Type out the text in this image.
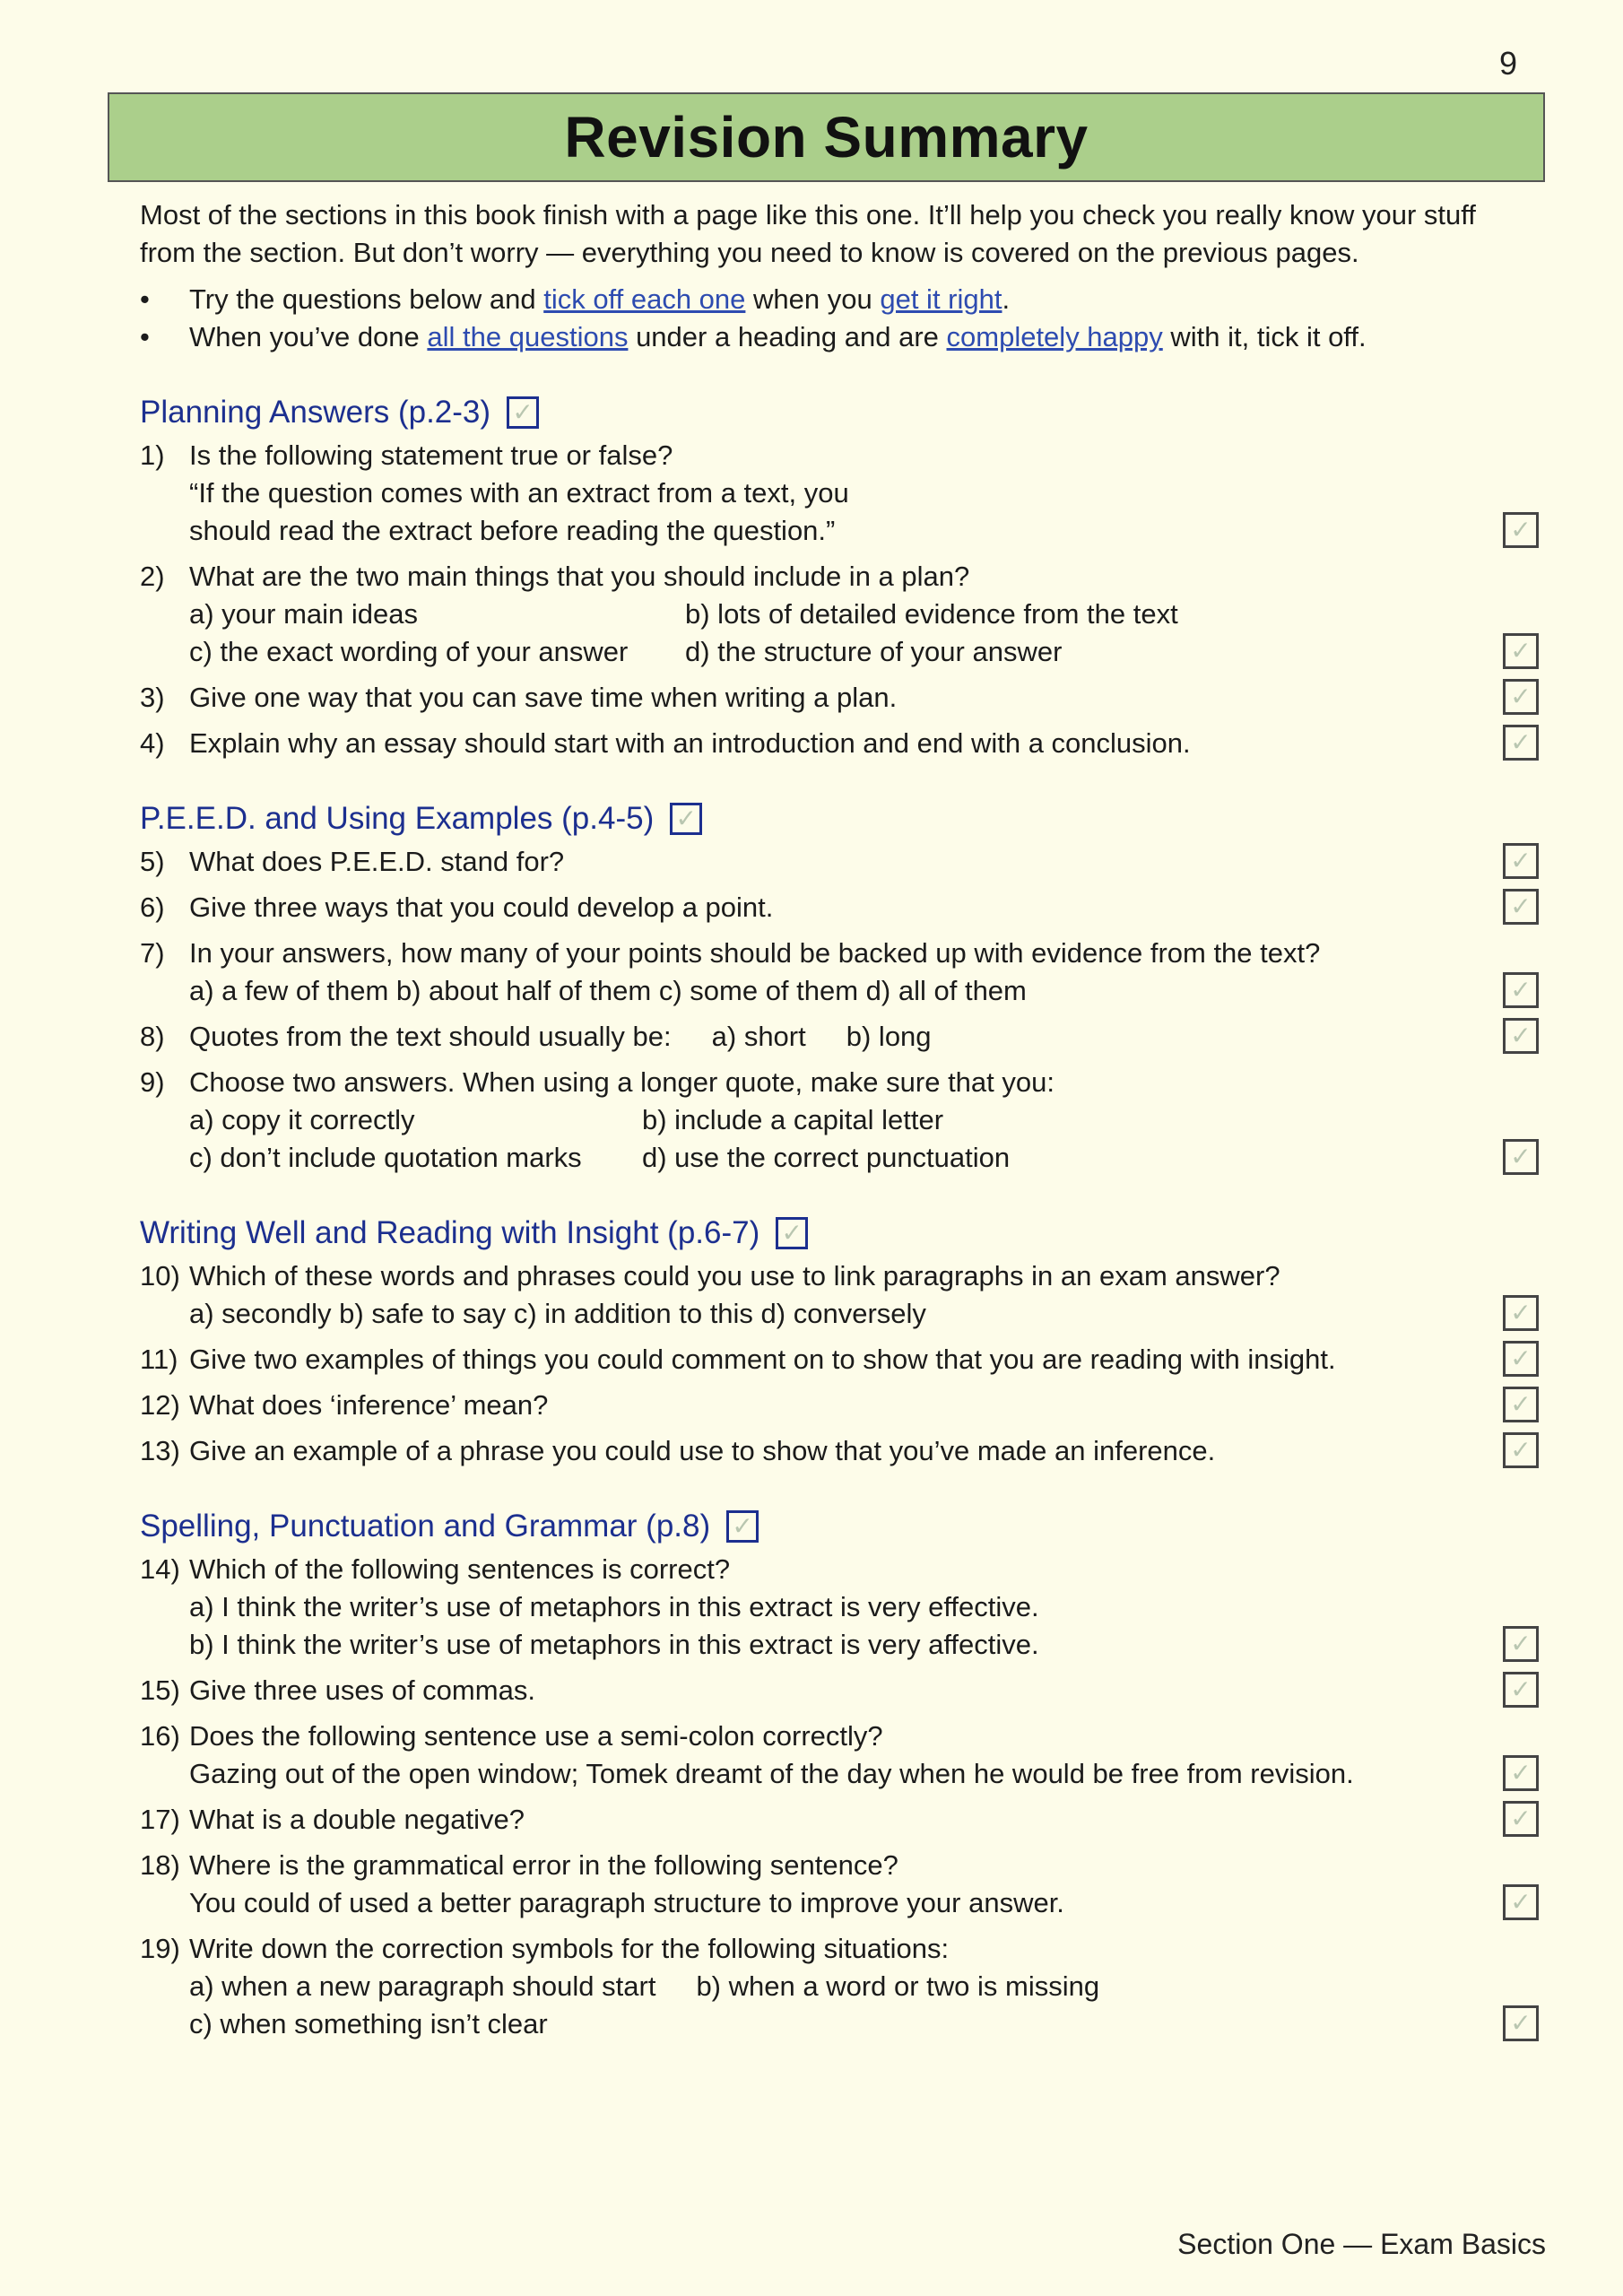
9
Revision Summary

Most of the sections in this book finish with a page like this one. It’ll help you check you really know your stuff from the section. But don’t worry — everything you need to know is covered on the previous pages.

• Try the questions below and tick off each one when you get it right.
• When you’ve done all the questions under a heading and are completely happy with it, tick it off.
Planning Answers (p.2-3) ✓
1) Is the following statement true or false?
“If the question comes with an extract from a text, you
should read the extract before reading the question.”	✓
2) What are the two main things that you should include in a plan?
a) your main ideas	b) lots of detailed evidence from the text
c) the exact wording of your answer	d) the structure of your answer	✓
3) Give one way that you can save time when writing a plan.	✓
4) Explain why an essay should start with an introduction and end with a conclusion.	✓
P.E.E.D. and Using Examples (p.4-5) ✓
5) What does P.E.E.D. stand for?	✓
6) Give three ways that you could develop a point.	✓
7) In your answers, how many of your points should be backed up with evidence from the text?
a) a few of them b) about half of them c) some of them d) all of them	✓
8) Quotes from the text should usually be: a) short b) long	✓
9) Choose two answers. When using a longer quote, make sure that you:
a) copy it correctly	b) include a capital letter
c) don’t include quotation marks	d) use the correct punctuation	✓
Writing Well and Reading with Insight (p.6-7) ✓
10) Which of these words and phrases could you use to link paragraphs in an exam answer?
a) secondly b) safe to say c) in addition to this d) conversely	✓
11) Give two examples of things you could comment on to show that you are reading with insight.	✓
12) What does ‘inference’ mean?	✓
13) Give an example of a phrase you could use to show that you’ve made an inference.	✓
Spelling, Punctuation and Grammar (p.8) ✓
14) Which of the following sentences is correct?
a) I think the writer’s use of metaphors in this extract is very effective.
b) I think the writer’s use of metaphors in this extract is very affective.	✓
15) Give three uses of commas.	✓
16) Does the following sentence use a semi-colon correctly?
Gazing out of the open window; Tomek dreamt of the day when he would be free from revision.	✓
17) What is a double negative?	✓
18) Where is the grammatical error in the following sentence?
You could of used a better paragraph structure to improve your answer.	✓
19) Write down the correction symbols for the following situations:
a) when a new paragraph should start b) when a word or two is missing
c) when something isn’t clear	✓
Section One — Exam Basics
